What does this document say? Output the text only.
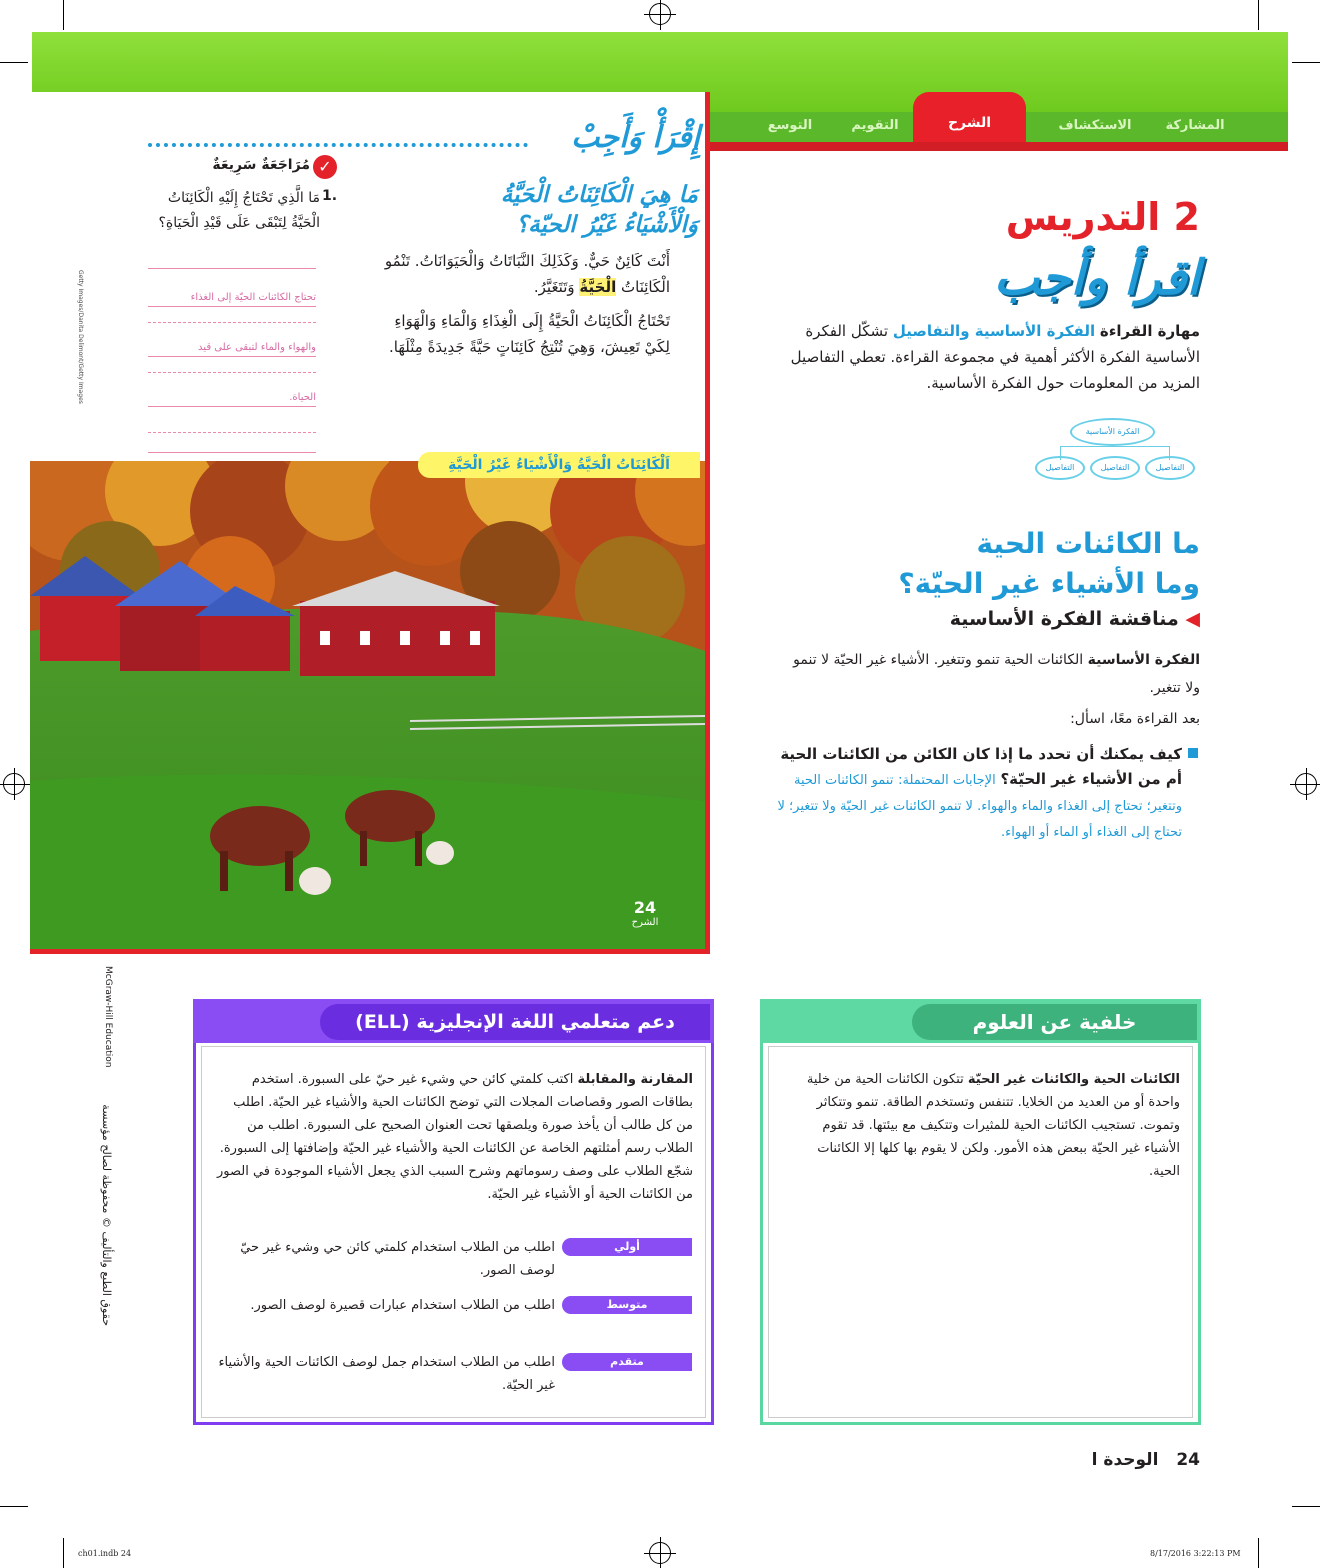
المشاركة
الاستكشاف
التقويم
التوسع	الشرح
إِقْرَأْ وَأَجِبْ
✓
مُرَاجَعَةٌ سَرِيعَةٌ
1.
مَا الَّذِي تَحْتَاجُ إِلَيْهِ الْكَائِنَاتُ الْحَيَّةُ لِتَبْقَى عَلَى قَيْدِ الْحَيَاةِ؟
تحتاج الكائنات الحيّة إلى الغذاء
والهواء والماء لتبقى على قيد
الحياة.
مَا هِيَ الْكَائِنَاتُ الْحَيَّةُ
وَالْأَشْيَاءُ غَيْرُ الحيّة؟
أَنْتَ كَائِنٌ حَيٌّ. وَكَذَلِكَ النَّبَاتَاتُ وَالْحَيَوَانَاتُ. تَنْمُو الْكَائِنَاتُ الْحَيَّةُ وَتَتَغَيَّرُ.
تَحْتَاجُ الْكَائِنَاتُ الْحَيَّةُ إِلَى الْغِذَاءِ وَالْمَاءِ وَالْهَوَاءِ لِكَيْ تَعِيشَ، وَهِيَ تُنْتِجُ كَائِنَاتٍ حَيَّةً جَدِيدَةً مِثْلَهَا.
Getty Images/Danita Delimont/Getty Images
اَلْكَائِنَاتُ الْحَيَّةُ وَالْأَشْيَاءُ غَيْرُ الْحَيَّةِ
24
الشرح
McGraw-Hill Education
حقوق الطبع والتأليف © محفوظة لصالح مؤسسة
2 التدريس
اقرأ وأجب
مهارة القراءة الفكرة الأساسية والتفاصيل تشكّل الفكرة الأساسية الفكرة الأكثر أهمية في مجموعة القراءة. تعطي التفاصيل المزيد من المعلومات حول الفكرة الأساسية.
الفكرة الأساسية
التفاصيل	التفاصيل	التفاصيل
ما الكائنات الحية
وما الأشياء غير الحيّة؟
◀ مناقشة الفكرة الأساسية
الفكرة الأساسية الكائنات الحية تنمو وتتغير. الأشياء غير الحيّة لا تنمو ولا تتغير.
بعد القراءة معًا، اسأل:
كيف يمكنك أن تحدد ما إذا كان الكائن من الكائنات الحية أم من الأشياء غير الحيّة؟ الإجابات المحتملة: تنمو الكائنات الحية وتتغير؛ تحتاج إلى الغذاء والماء والهواء. لا تنمو الكائنات غير الحيّة ولا تتغير؛ لا تحتاج إلى الغذاء أو الماء أو الهواء.
خلفية عن العلوم
الكائنات الحية والكائنات غير الحيّة تتكون الكائنات الحية من خلية واحدة أو من العديد من الخلايا. تتنفس وتستخدم الطاقة. تنمو وتتكاثر وتموت. تستجيب الكائنات الحية للمثيرات وتتكيف مع بيئتها. قد تقوم الأشياء غير الحيّة ببعض هذه الأمور. ولكن لا يقوم بها كلها إلا الكائنات الحية.
دعم متعلمي اللغة الإنجليزية (ELL)
المقارنة والمقابلة اكتب كلمتي كائن حي وشيء غير حيّ على السبورة. استخدم بطاقات الصور وقصاصات المجلات التي توضح الكائنات الحية والأشياء غير الحيّة. اطلب من كل طالب أن يأخذ صورة ويلصقها تحت العنوان الصحيح على السبورة. اطلب من الطلاب رسم أمثلتهم الخاصة عن الكائنات الحية والأشياء غير الحيّة وإضافتها إلى السبورة. شجّع الطلاب على وصف رسوماتهم وشرح السبب الذي يجعل الأشياء الموجودة في الصور من الكائنات الحية أو الأشياء غير الحيّة.
أولي
اطلب من الطلاب استخدام كلمتي كائن حي وشيء غير حيّ لوصف الصور.
متوسط
اطلب من الطلاب استخدام عبارات قصيرة لوصف الصور.
متقدم
اطلب من الطلاب استخدام جمل لوصف الكائنات الحية والأشياء غير الحيّة.
24 الوحدة ا
ch01.indb 24	8/17/2016 3:22:13 PM
